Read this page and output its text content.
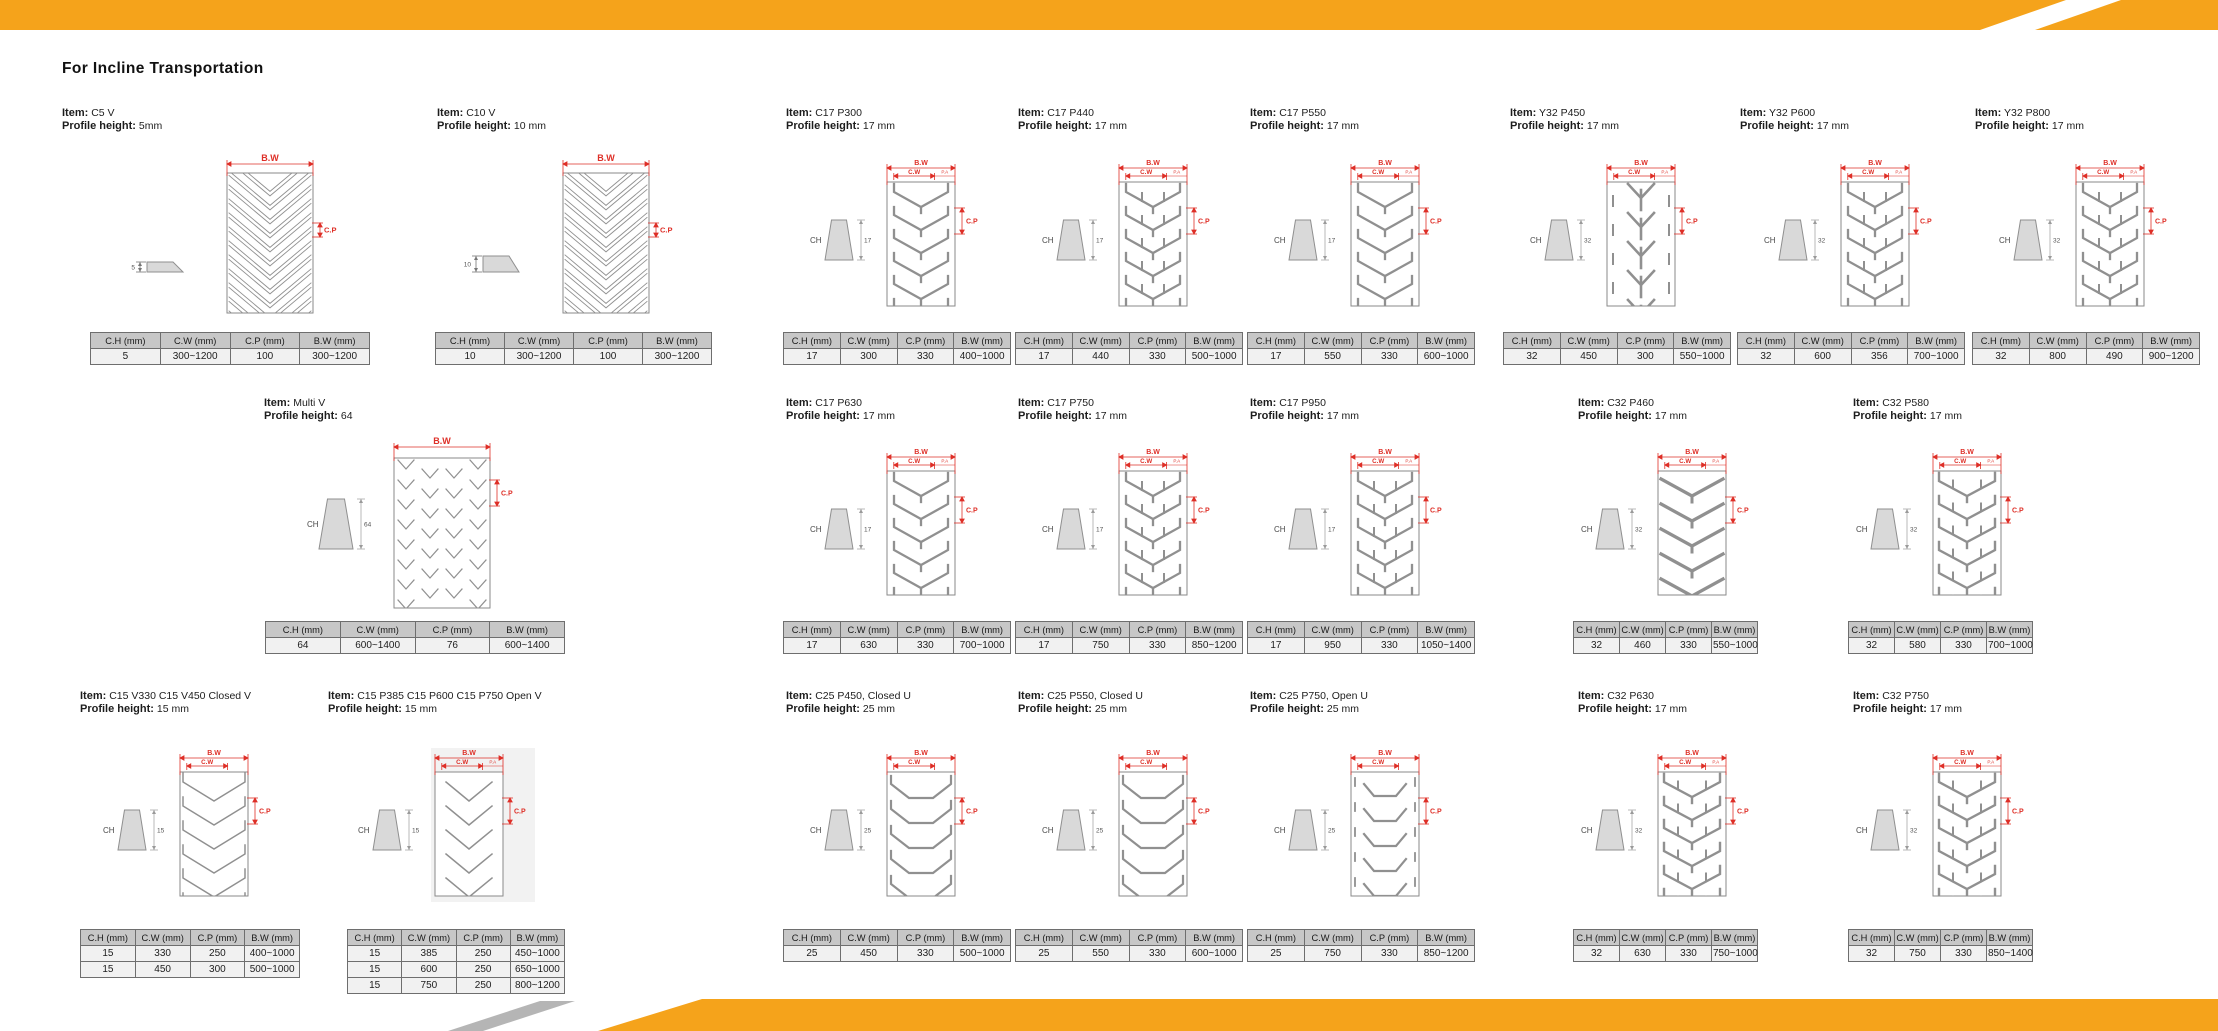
For Incline Transportation
Item: C5 V
Profile height: 5mm
5
B.W
C.P
C.H (mm)	C.W (mm)	C.P (mm)	B.W (mm)
5	300~1200	100	300~1200
Item: C10 V
Profile height: 10 mm
10
B.W
C.P
C.H (mm)	C.W (mm)	C.P (mm)	B.W (mm)
10	300~1200	100	300~1200
Item: C17 P300
Profile height: 17 mm
CH	17
B.W
C.W	P.A
C.P
C.H (mm)	C.W (mm)	C.P (mm)	B.W (mm)
17	300	330	400~1000
Item: C17 P440
Profile height: 17 mm
CH	17
B.W
C.W	P.A
C.P
C.H (mm)	C.W (mm)	C.P (mm)	B.W (mm)
17	440	330	500~1000
Item: C17 P550
Profile height: 17 mm
CH	17
B.W
C.W	P.A
C.P
C.H (mm)	C.W (mm)	C.P (mm)	B.W (mm)
17	550	330	600~1000
Item: Y32 P450
Profile height: 17 mm
CH	32
B.W
C.W	P.A
C.P
C.H (mm)	C.W (mm)	C.P (mm)	B.W (mm)
32	450	300	550~1000
Item: Y32 P600
Profile height: 17 mm
CH	32
B.W
C.W	P.A
C.P
C.H (mm)	C.W (mm)	C.P (mm)	B.W (mm)
32	600	356	700~1000
Item: Y32 P800
Profile height: 17 mm
CH	32
B.W
C.W	P.A
C.P
C.H (mm)	C.W (mm)	C.P (mm)	B.W (mm)
32	800	490	900~1200
Item: Multi V
Profile height: 64
CH	64
B.W
C.P
C.H (mm)	C.W (mm)	C.P (mm)	B.W (mm)
64	600~1400	76	600~1400
Item: C17 P630
Profile height: 17 mm
CH	17
B.W
C.W	P.A
C.P
C.H (mm)	C.W (mm)	C.P (mm)	B.W (mm)
17	630	330	700~1000
Item: C17 P750
Profile height: 17 mm
CH	17
B.W
C.W	P.A
C.P
C.H (mm)	C.W (mm)	C.P (mm)	B.W (mm)
17	750	330	850~1200
Item: C17 P950
Profile height: 17 mm
CH	17
B.W
C.W	P.A
C.P
C.H (mm)	C.W (mm)	C.P (mm)	B.W (mm)
17	950	330	1050~1400
Item: C32 P460
Profile height: 17 mm
CH	32
B.W
C.W	P.A
C.P
C.H (mm)	C.W (mm)	C.P (mm)	B.W (mm)
32	460	330	550~1000
Item: C32 P580
Profile height: 17 mm
CH	32
B.W
C.W	P.A
C.P
C.H (mm)	C.W (mm)	C.P (mm)	B.W (mm)
32	580	330	700~1000
Item: C15 V330 C15 V450 Closed V
Profile height: 15 mm
CH	15
B.W
C.W
C.P
C.H (mm)	C.W (mm)	C.P (mm)	B.W (mm)
15	330	250	400~1000
15	450	300	500~1000
Item: C15 P385 C15 P600 C15 P750 Open V
Profile height: 15 mm
CH	15
B.W
C.W	P.A
C.P
C.H (mm)	C.W (mm)	C.P (mm)	B.W (mm)
15	385	250	450~1000
15	600	250	650~1000
15	750	250	800~1200
Item: C25 P450, Closed U
Profile height: 25 mm
CH	25
B.W
C.W
C.P
C.H (mm)	C.W (mm)	C.P (mm)	B.W (mm)
25	450	330	500~1000
Item: C25 P550, Closed U
Profile height: 25 mm
CH	25
B.W
C.W
C.P
C.H (mm)	C.W (mm)	C.P (mm)	B.W (mm)
25	550	330	600~1000
Item: C25 P750, Open U
Profile height: 25 mm
CH	25
B.W
C.W
C.P
C.H (mm)	C.W (mm)	C.P (mm)	B.W (mm)
25	750	330	850~1200
Item: C32 P630
Profile height: 17 mm
CH	32
B.W
C.W	P.A
C.P
C.H (mm)	C.W (mm)	C.P (mm)	B.W (mm)
32	630	330	750~1000
Item: C32 P750
Profile height: 17 mm
CH	32
B.W
C.W	P.A
C.P
C.H (mm)	C.W (mm)	C.P (mm)	B.W (mm)
32	750	330	850~1400
